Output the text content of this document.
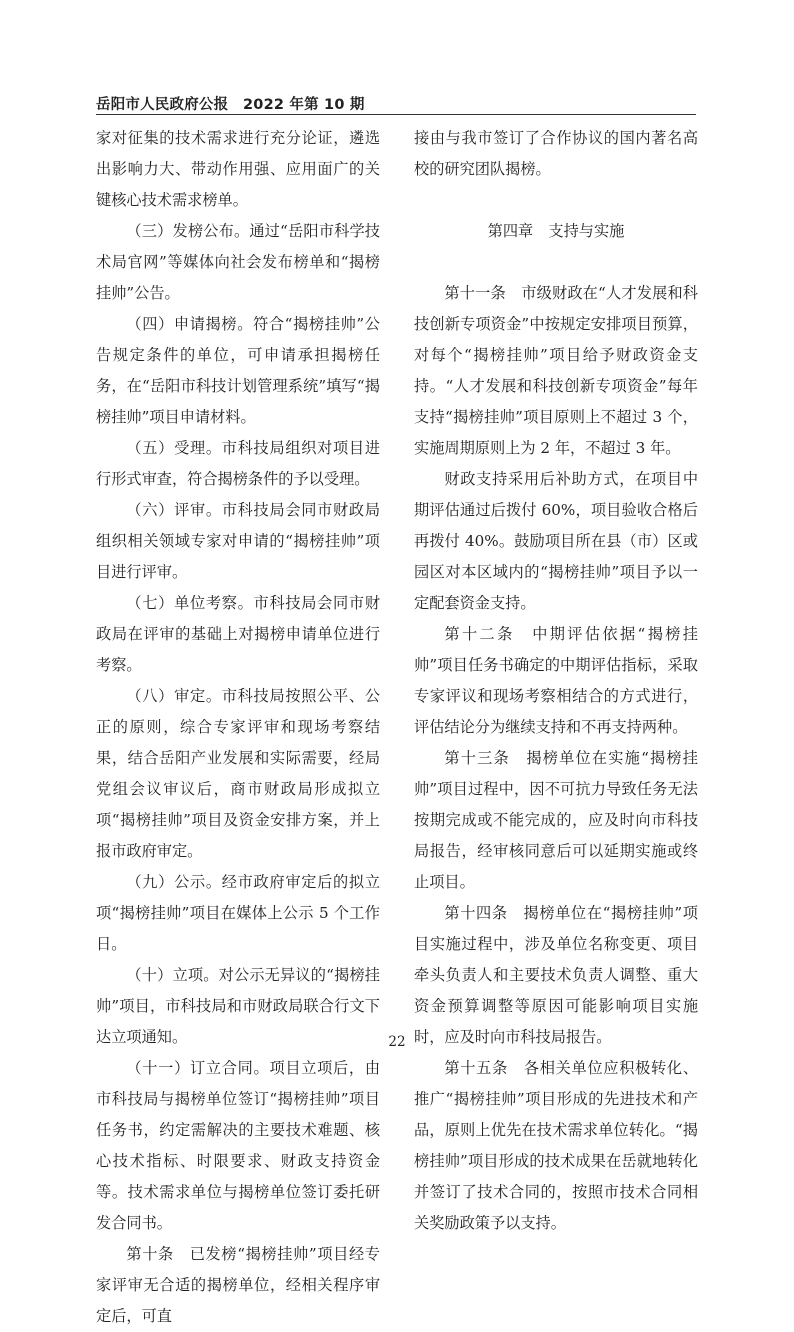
岳阳市人民政府公报　2022 年第 10 期

家对征集的技术需求进行充分论证，遴选出影响力大、带动作用强、应用面广的关键核心技术需求榜单。

（三）发榜公布。通过“岳阳市科学技术局官网”等媒体向社会发布榜单和“揭榜挂帅”公告。

（四）申请揭榜。符合“揭榜挂帅”公告规定条件的单位，可申请承担揭榜任务，在“岳阳市科技计划管理系统”填写“揭榜挂帅”项目申请材料。

（五）受理。市科技局组织对项目进行形式审查，符合揭榜条件的予以受理。

（六）评审。市科技局会同市财政局组织相关领域专家对申请的“揭榜挂帅”项目进行评审。

（七）单位考察。市科技局会同市财政局在评审的基础上对揭榜申请单位进行考察。

（八）审定。市科技局按照公平、公正的原则，综合专家评审和现场考察结果，结合岳阳产业发展和实际需要，经局党组会议审议后，商市财政局形成拟立项“揭榜挂帅”项目及资金安排方案，并上报市政府审定。

（九）公示。经市政府审定后的拟立项“揭榜挂帅”项目在媒体上公示 5 个工作日。

（十）立项。对公示无异议的“揭榜挂帅”项目，市科技局和市财政局联合行文下达立项通知。

（十一）订立合同。项目立项后，由市科技局与揭榜单位签订“揭榜挂帅”项目任务书，约定需解决的主要技术难题、核心技术指标、时限要求、财政支持资金等。技术需求单位与揭榜单位签订委托研发合同书。

第十条　已发榜“揭榜挂帅”项目经专家评审无合适的揭榜单位，经相关程序审定后，可直

接由与我市签订了合作协议的国内著名高校的研究团队揭榜。

第四章　支持与实施

第十一条　市级财政在“人才发展和科技创新专项资金”中按规定安排项目预算，对每个“揭榜挂帅”项目给予财政资金支持。“人才发展和科技创新专项资金”每年支持“揭榜挂帅”项目原则上不超过 3 个，实施周期原则上为 2 年，不超过 3 年。

财政支持采用后补助方式，在项目中期评估通过后拨付 60%，项目验收合格后再拨付 40%。鼓励项目所在县（市）区或园区对本区域内的“揭榜挂帅”项目予以一定配套资金支持。

第十二条　中期评估依据“揭榜挂帅”项目任务书确定的中期评估指标，采取专家评议和现场考察相结合的方式进行，评估结论分为继续支持和不再支持两种。

第十三条　揭榜单位在实施“揭榜挂帅”项目过程中，因不可抗力导致任务无法按期完成或不能完成的，应及时向市科技局报告，经审核同意后可以延期实施或终止项目。

第十四条　揭榜单位在“揭榜挂帅”项目实施过程中，涉及单位名称变更、项目牵头负责人和主要技术负责人调整、重大资金预算调整等原因可能影响项目实施时，应及时向市科技局报告。

第十五条　各相关单位应积极转化、推广“揭榜挂帅”项目形成的先进技术和产品，原则上优先在技术需求单位转化。“揭榜挂帅”项目形成的技术成果在岳就地转化并签订了技术合同的，按照市技术合同相关奖励政策予以支持。

22
